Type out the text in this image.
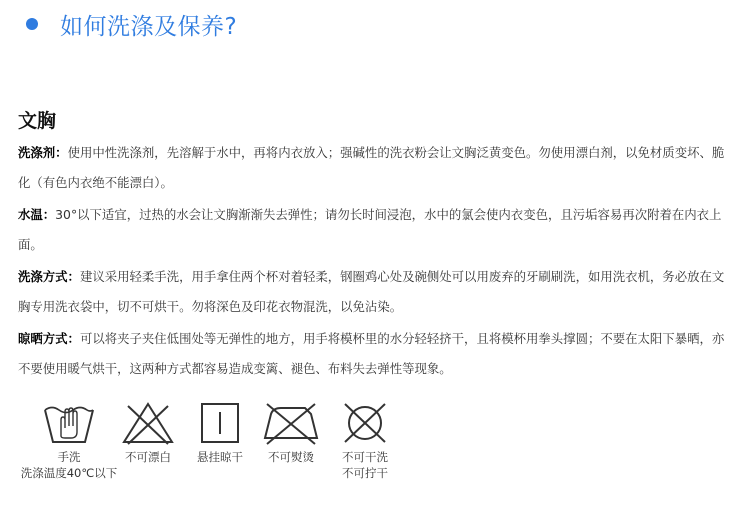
如何洗涤及保养?
文胸
洗涤剂：使用中性洗涤剂，先溶解于水中，再将内衣放入；强碱性的洗衣粉会让文胸泛黄变色。勿使用漂白剂，以免材质变坏、脆化（有色内衣绝不能漂白）。
水温：30°以下适宜，过热的水会让文胸渐渐失去弹性；请勿长时间浸泡，水中的氯会使内衣变色，且污垢容易再次附着在内衣上面。
洗涤方式：建议采用轻柔手洗，用手拿住两个杯对着轻柔，钢圈鸡心处及碗侧处可以用废弃的牙刷刷洗，如用洗衣机，务必放在文胸专用洗衣袋中，切不可烘干。勿将深色及印花衣物混洗，以免沾染。
晾晒方式：可以将夹子夹住低围处等无弹性的地方，用手将模杯里的水分轻轻挤干，且将模杯用拳头撑圆；不要在太阳下暴晒，亦不要使用暖气烘干，这两种方式都容易造成变篱、褪色、布料失去弹性等现象。
手洗
洗涤温度40℃以下
不可漂白 悬挂晾干 不可熨烫 不可干洗
不可拧干
